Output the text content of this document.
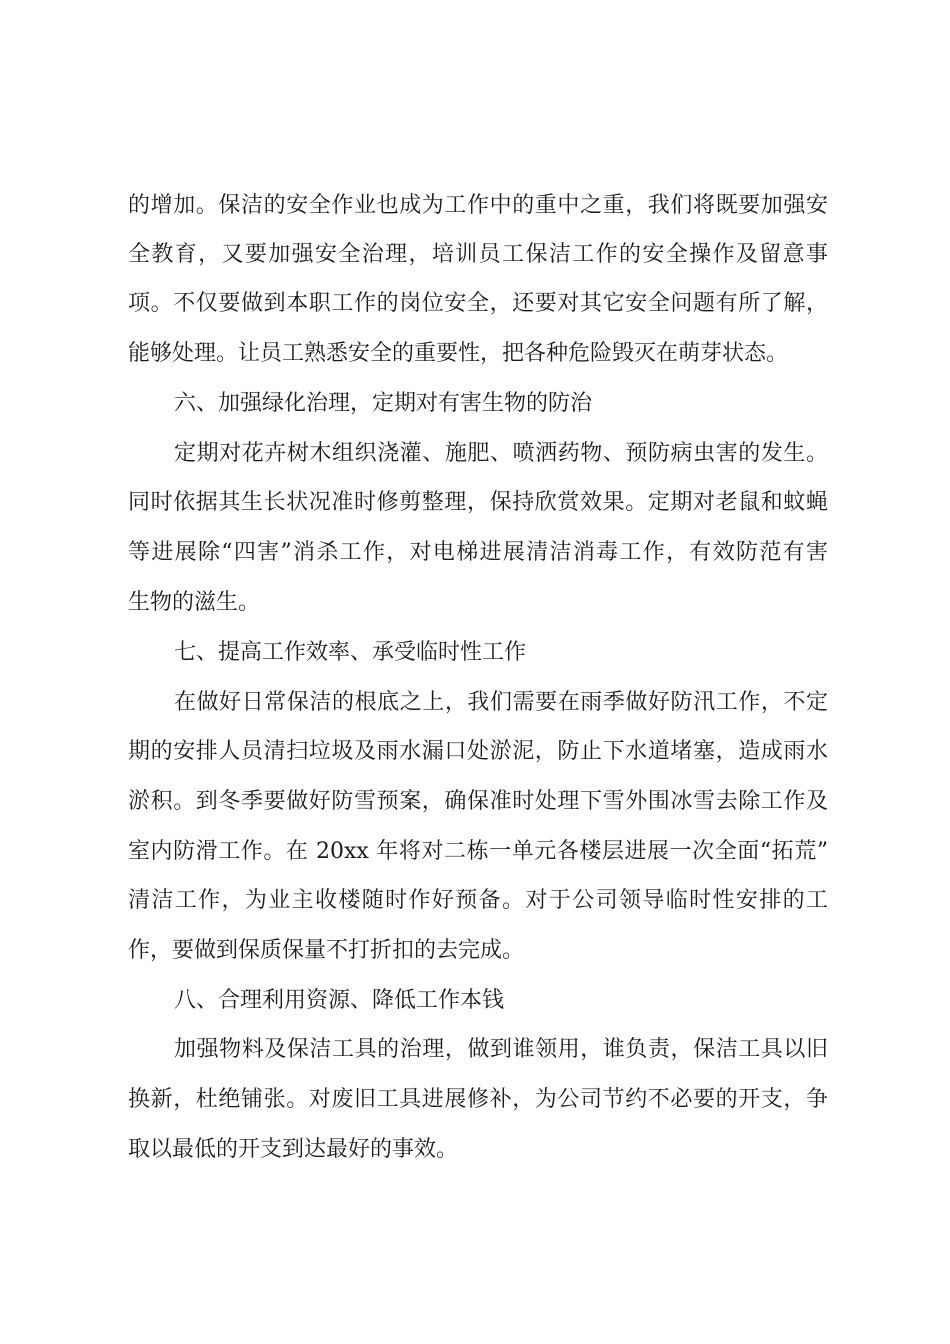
的增加。保洁的安全作业也成为工作中的重中之重，我们将既要加强安
全教育，又要加强安全治理，培训员工保洁工作的安全操作及留意事
项。不仅要做到本职工作的岗位安全，还要对其它安全问题有所了解，
能够处理。让员工熟悉安全的重要性，把各种危险毁灭在萌芽状态。
六、加强绿化治理，定期对有害生物的防治
定期对花卉树木组织浇灌、施肥、喷洒药物、预防病虫害的发生。
同时依据其生长状况准时修剪整理，保持欣赏效果。定期对老鼠和蚊蝇
等进展除“四害”消杀工作，对电梯进展清洁消毒工作，有效防范有害
生物的滋生。
七、提高工作效率、承受临时性工作
在做好日常保洁的根底之上，我们需要在雨季做好防汛工作，不定
期的安排人员清扫垃圾及雨水漏口处淤泥，防止下水道堵塞，造成雨水
淤积。到冬季要做好防雪预案，确保准时处理下雪外围冰雪去除工作及
室内防滑工作。在 20xx 年将对二栋一单元各楼层进展一次全面“拓荒”
清洁工作，为业主收楼随时作好预备。对于公司领导临时性安排的工
作，要做到保质保量不打折扣的去完成。
八、合理利用资源、降低工作本钱
加强物料及保洁工具的治理，做到谁领用，谁负责，保洁工具以旧
换新，杜绝铺张。对废旧工具进展修补，为公司节约不必要的开支，争
取以最低的开支到达最好的事效。
